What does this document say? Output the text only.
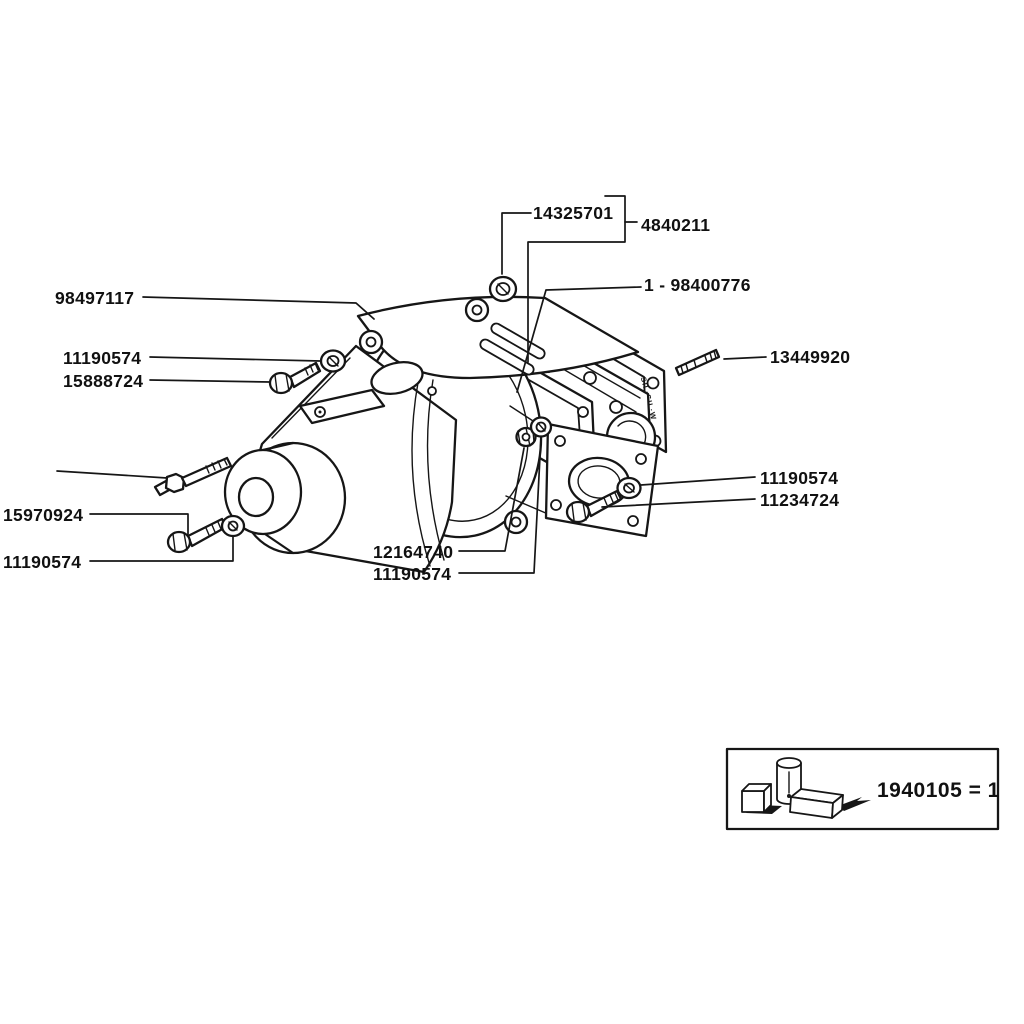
14325701
4840211
1 - 98400776
98497117
11190574
15888724
13449920
11190574
11234724
15970924
11190574	12164740
11190574
1940105 = 1
